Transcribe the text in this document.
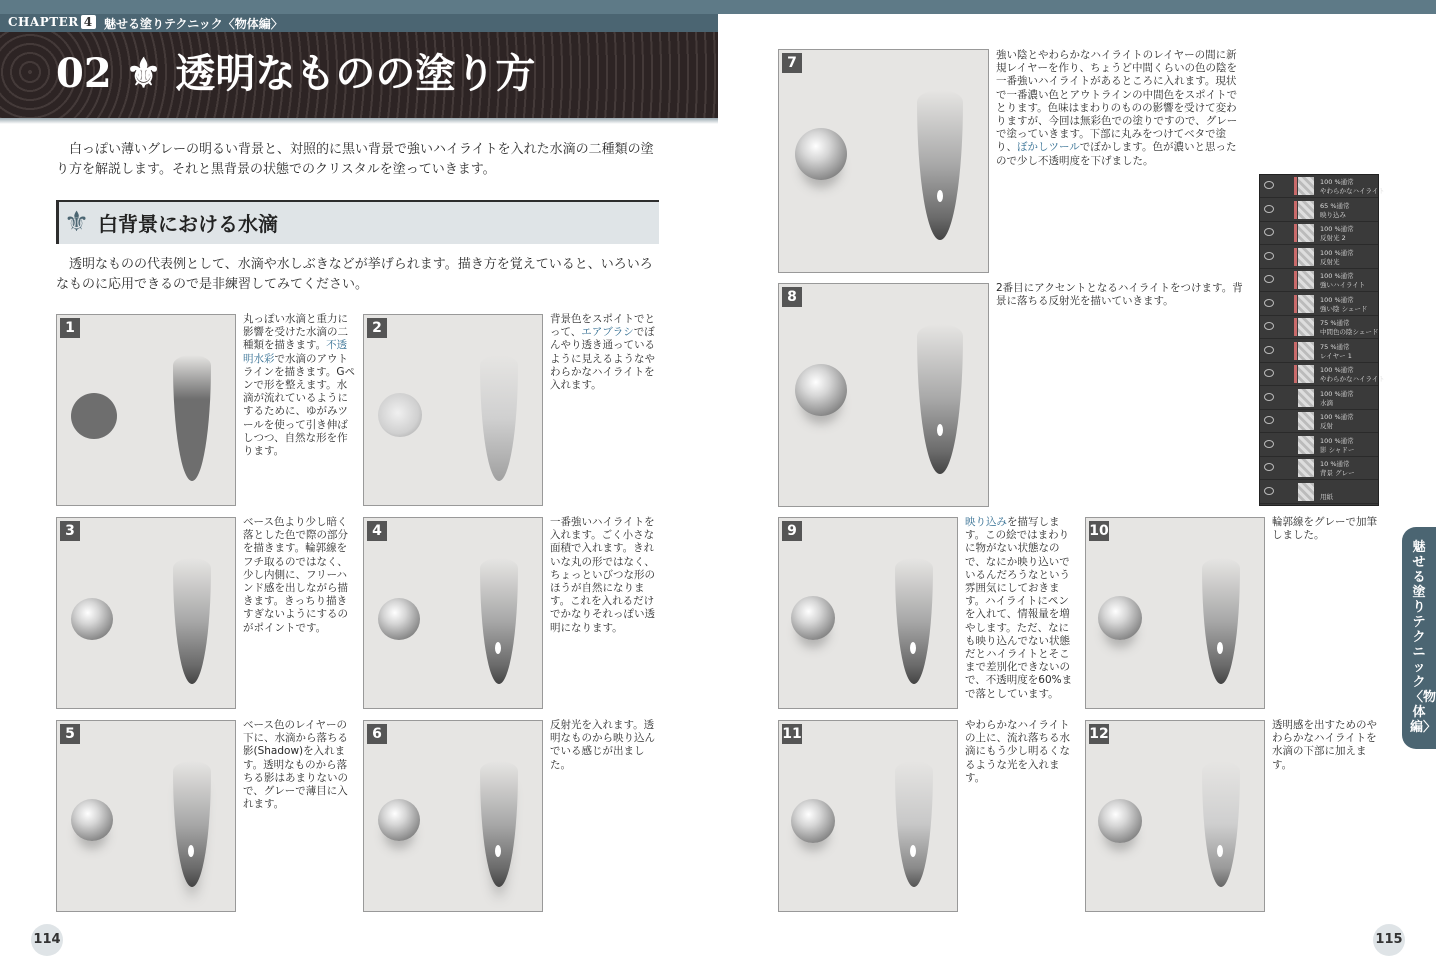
CHAPTER 4 魅せる塗りテクニック〈物体編〉
02 ⚜ 透明なものの塗り方
白っぽい薄いグレーの明るい背景と、対照的に黒い背景で強いハイライトを入れた水滴の二種類の塗り方を解説します。それと黒背景の状態でのクリスタルを塗っていきます。
⚜ 白背景における水滴
透明なものの代表例として、水滴や水しぶきなどが挙げられます。描き方を覚えていると、いろいろなものに応用できるので是非練習してみてください。
1
丸っぽい水滴と重力に影響を受けた水滴の二種類を描きます。不透明水彩で水滴のアウトラインを描きます。Gペンで形を整えます。水滴が流れているようにするために、ゆがみツールを使って引き伸ばしつつ、自然な形を作ります。
2
背景色をスポイトでとって、エアブラシでぼんやり透き通っているように見えるようなやわらかなハイライトを入れます。
3
ベース色より少し暗く落とした色で際の部分を描きます。輪郭線をフチ取るのではなく、少し内側に、フリーハンド感を出しながら描きます。きっちり描きすぎないようにするのがポイントです。
4
一番強いハイライトを入れます。ごく小さな面積で入れます。きれいな丸の形ではなく、ちょっといびつな形のほうが自然になります。これを入れるだけでかなりそれっぽい透明になります。
5
ベース色のレイヤーの下に、水滴から落ちる影(Shadow)を入れます。透明なものから落ちる影はあまりないので、グレーで薄目に入れます。
6
反射光を入れます。透明なものから映り込んでいる感じが出ました。
7	強い陰とやわらかなハイライトのレイヤーの間に新規レイヤーを作り、ちょうど中間くらいの色の陰を一番強いハイライトがあるところに入れます。現状で一番濃い色とアウトラインの中間色をスポイトでとります。色味はまわりのものの影響を受けて変わりますが、今回は無彩色での塗りですので、グレーで塗っていきます。下部に丸みをつけてベタで塗り、ぼかしツールでぼかします。色が濃いと思ったので少し不透明度を下げました。
8
2番目にアクセントとなるハイライトをつけます。背景に落ちる反射光を描いていきます。
100 %通常
やわらかなハイライト
65 %通常
映り込み
100 %通常
反射光 2
100 %通常
反射光
100 %通常
強いハイライト
100 %通常
強い陰 シェード
75 %通常
中間色の陰シェード
75 %通常
レイヤー 1
100 %通常
やわらかなハイライト
100 %通常
水滴
100 %通常
反射
100 %通常
影 シャドー
10 %通常
背景 グレー
用紙
9
映り込みを描写します。この絵ではまわりに物がない状態なので、なにか映り込いでいるんだろうなという雰囲気にしておきます。ハイライトにペンを入れて、情報量を増やします。ただ、なにも映り込んでない状態だとハイライトとそこまで差別化できないので、不透明度を60%まで落としています。
10
輪郭線をグレーで加筆しました。
11
やわらかなハイライトの上に、流れ落ちる水滴にもう少し明るくなるような光を入れます。
12
透明感を出すためのやわらかなハイライトを水滴の下部に加えます。
魅せる塗りテクニック〈物体編〉
114	115
